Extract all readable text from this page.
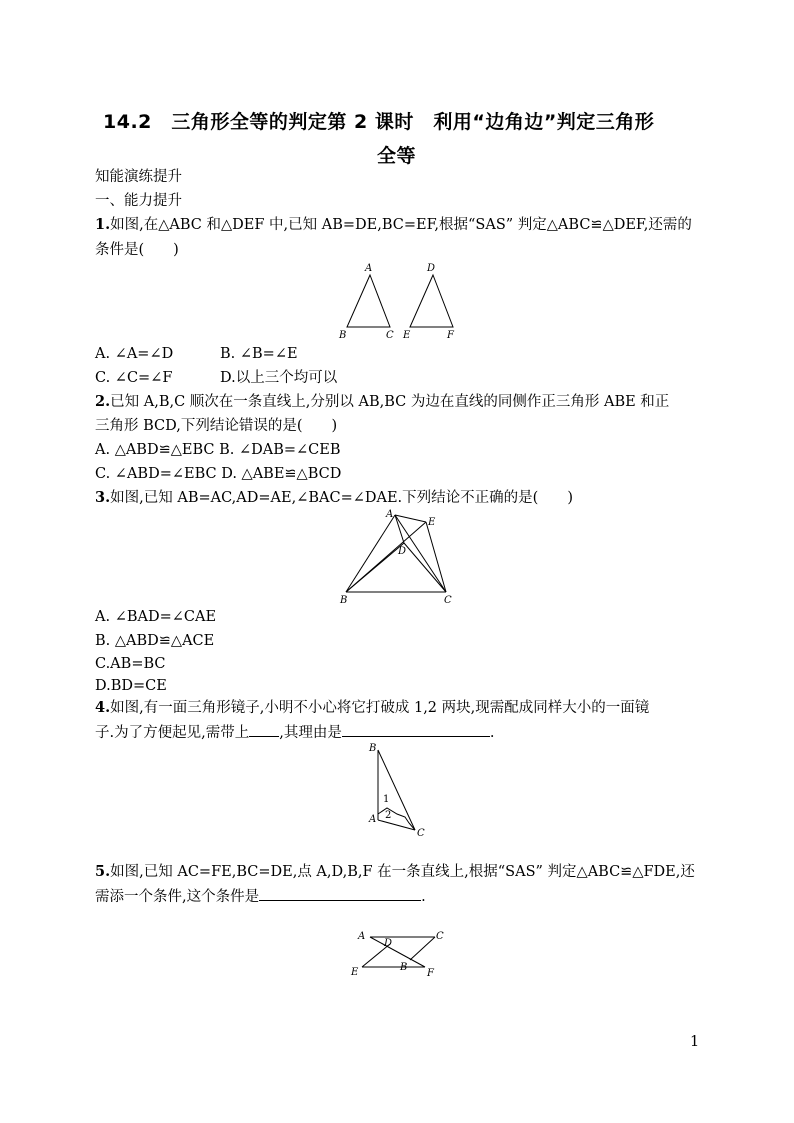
14.2　三角形全等的判定第 2 课时　利用“边角边”判定三角形
全等
知能演练提升
一、能力提升
1.如图,在△ABC 和△DEF 中,已知 AB=DE,BC=EF,根据“SAS” 判定△ABC≌△DEF,还需的
条件是(　　)
A
B	C
D
E	F
A. ∠A=∠D	B. ∠B=∠E
C. ∠C=∠F	D.以上三个均可以
2.已知 A,B,C 顺次在一条直线上,分别以 AB,BC 为边在直线的同侧作正三角形 ABE 和正
三角形 BCD,下列结论错误的是(　　)
A. △ABD≌△EBC B. ∠DAB=∠CEB
C. ∠ABD=∠EBC D. △ABE≌△BCD
3.如图,已知 AB=AC,AD=AE,∠BAC=∠DAE.下列结论不正确的是(　　)
A
E
D
B	C
A. ∠BAD=∠CAE
B. △ABD≌△ACE
C.AB=BC
D.BD=CE
4.如图,有一面三角形镜子,小明不小心将它打破成 1,2 两块,现需配成同样大小的一面镜
子.为了方便起见,需带上 ,其理由是	.
B
A
C
1
2
5.如图,已知 AC=FE,BC=DE,点 A,D,B,F 在一条直线上,根据“SAS” 判定△ABC≌△FDE,还
需添一个条件,这个条件是	.
A
D
C
E	B
F
1
